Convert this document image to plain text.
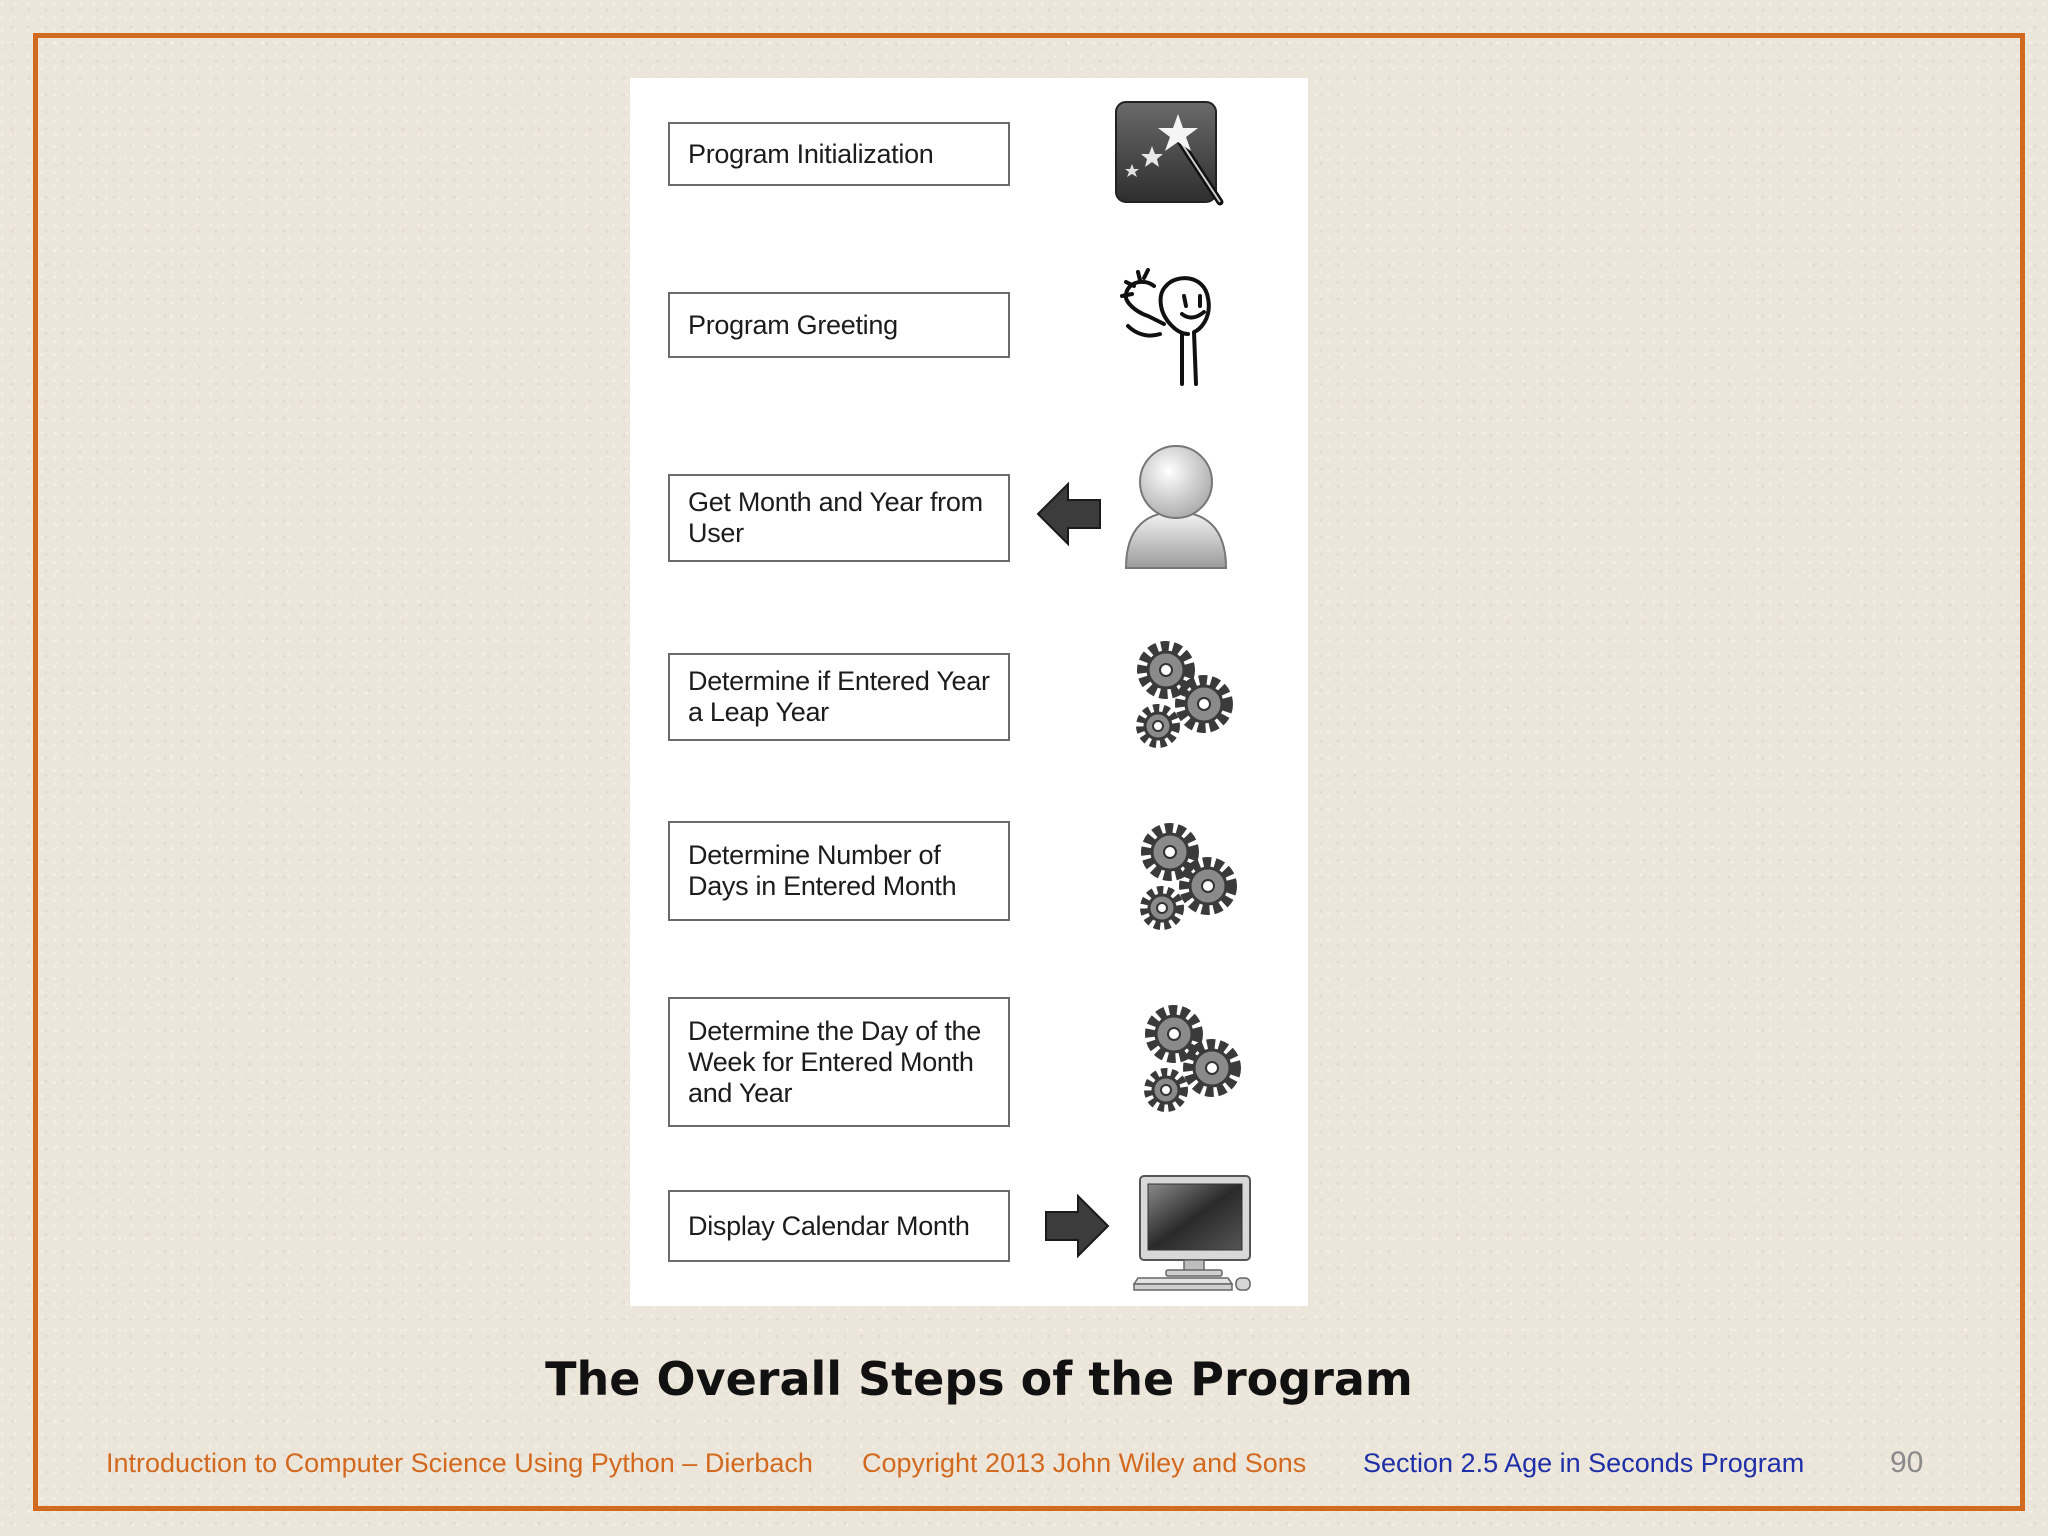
Program Initialization
Program Greeting
Get Month and Year from User
Determine if Entered Year a Leap Year
Determine Number of Days in Entered Month
Determine the Day of the Week for Entered Month and Year
Display Calendar Month
The Overall Steps of the Program
Introduction to Computer Science Using Python – Dierbach Copyright 2013 John Wiley and Sons Section 2.5 Age in Seconds Program	90
